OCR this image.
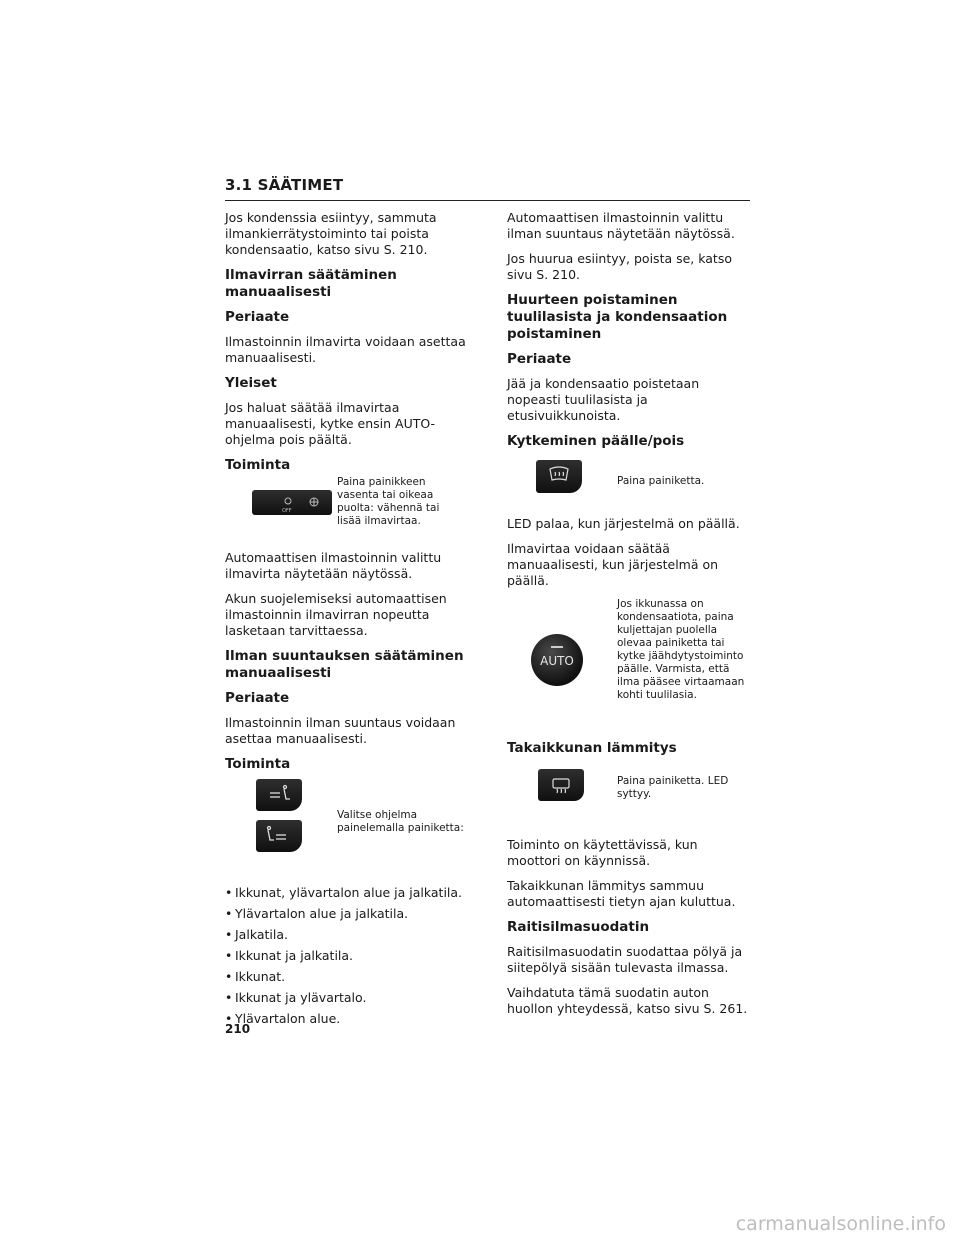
3.1 SÄÄTIMET

Jos kondenssia esiintyy, sammuta ilmankierrätystoiminto tai poista kondensaatio, katso sivu S. 210.

Ilmavirran säätäminen manuaalisesti
Periaate

Ilmastoinnin ilmavirta voidaan asettaa manuaalisesti.

Yleiset

Jos haluat säätää ilmavirtaa manuaalisesti, kytke ensin AUTO-ohjelma pois päältä.

Toiminta
OFF
Paina painikkeen vasenta tai oikeaa puolta: vähennä tai lisää ilmavirtaa.

Automaattisen ilmastoinnin valittu ilmavirta näytetään näytössä.

Akun suojelemiseksi automaattisen ilmastoinnin ilmavirran nopeutta lasketaan tarvittaessa.

Ilman suuntauksen säätäminen manuaalisesti
Periaate

Ilmastoinnin ilman suuntaus voidaan asettaa manuaalisesti.

Toiminta
Valitse ohjelma painelemalla painiketta:
• Ikkunat, ylävartalon alue ja jalkatila.
• Ylävartalon alue ja jalkatila.
• Jalkatila.
• Ikkunat ja jalkatila.
• Ikkunat.
• Ikkunat ja ylävartalo.
• Ylävartalon alue.

Automaattisen ilmastoinnin valittu ilman suuntaus näytetään näytössä.

Jos huurua esiintyy, poista se, katso sivu S. 210.

Huurteen poistaminen tuulilasista ja kondensaation poistaminen
Periaate

Jää ja kondensaatio poistetaan nopeasti tuulilasista ja etusivuikkunoista.

Kytkeminen päälle/pois
Paina painiketta.

LED palaa, kun järjestelmä on päällä.

Ilmavirtaa voidaan säätää manuaalisesti, kun järjestelmä on päällä.

AUTO
Jos ikkunassa on kondensaatiota, paina kuljettajan puolella olevaa painiketta tai kytke jäähdytystoiminto päälle. Varmista, että ilma pääsee virtaamaan kohti tuulilasia.
Takaikkunan lämmitys
Paina painiketta. LED syttyy.

Toiminto on käytettävissä, kun moottori on käynnissä.

Takaikkunan lämmitys sammuu automaattisesti tietyn ajan kuluttua.

Raitisilmasuodatin

Raitisilmasuodatin suodattaa pölyä ja siitepölyä sisään tulevasta ilmassa.

Vaihdatuta tämä suodatin auton huollon yhteydessä, katso sivu S. 261.

210
carmanualsonline.info
